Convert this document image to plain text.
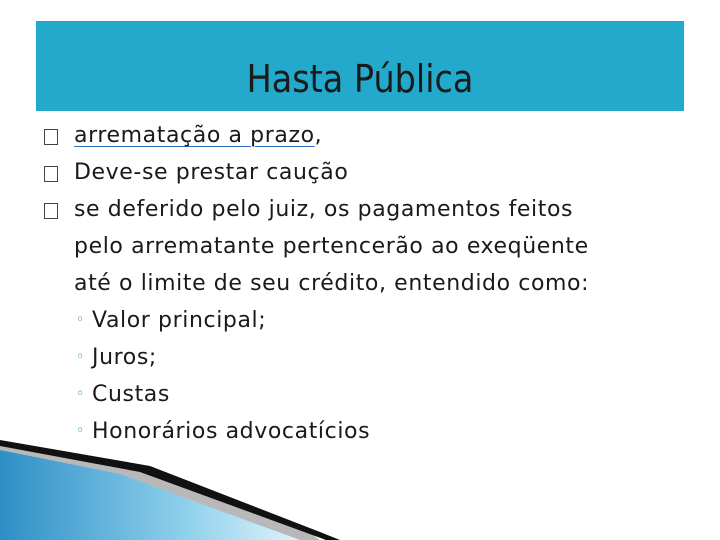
Hasta Pública
arrematação a prazo,
Deve-se prestar caução
se deferido pelo juiz, os pagamentos feitos
pelo arrematante pertencerão ao exeqüente
até o limite de seu crédito, entendido como:
◦ Valor principal;
◦ Juros;
◦ Custas
◦ Honorários advocatícios
